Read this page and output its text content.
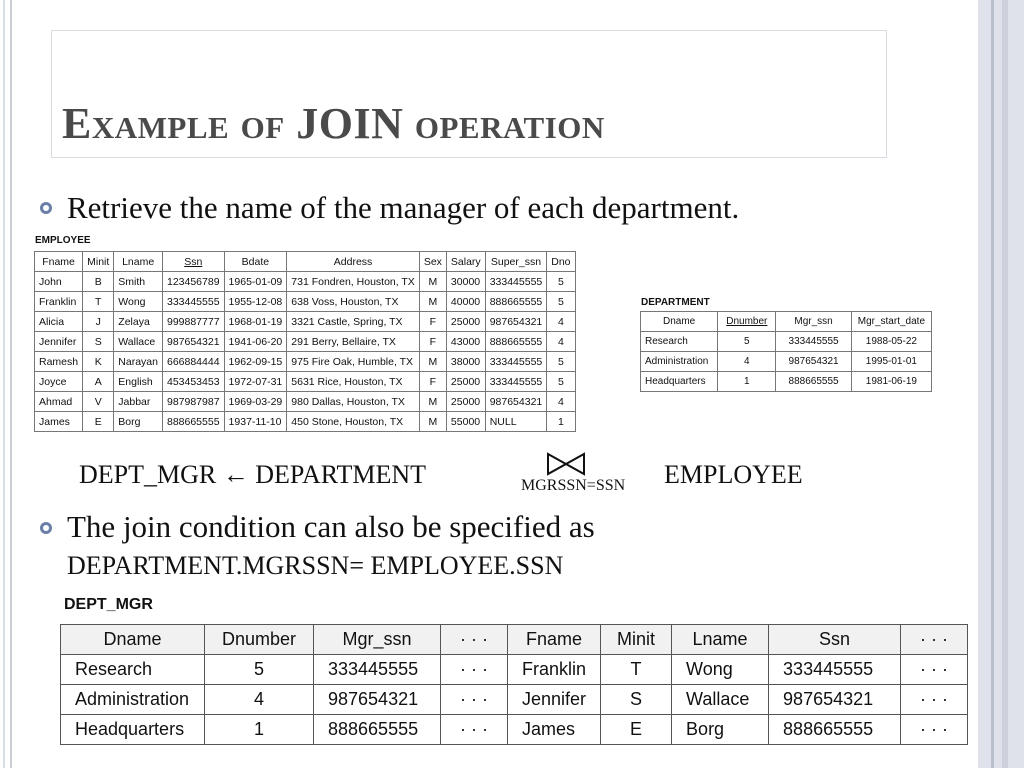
Example of JOIN operation
Retrieve the name of the manager of each department.
EMPLOYEE
Fname	Minit	Lname	Ssn	Bdate	Address	Sex	Salary	Super_ssn	Dno
John	B	Smith	123456789	1965-01-09	731 Fondren, Houston, TX	M	30000	333445555	5
Franklin	T	Wong	333445555	1955-12-08	638 Voss, Houston, TX	M	40000	888665555	5
Alicia	J	Zelaya	999887777	1968-01-19	3321 Castle, Spring, TX	F	25000	987654321	4
Jennifer	S	Wallace	987654321	1941-06-20	291 Berry, Bellaire, TX	F	43000	888665555	4
Ramesh	K	Narayan	666884444	1962-09-15	975 Fire Oak, Humble, TX	M	38000	333445555	5
Joyce	A	English	453453453	1972-07-31	5631 Rice, Houston, TX	F	25000	333445555	5
Ahmad	V	Jabbar	987987987	1969-03-29	980 Dallas, Houston, TX	M	25000	987654321	4
James	E	Borg	888665555	1937-11-10	450 Stone, Houston, TX	M	55000	NULL	1
DEPARTMENT
Dname	Dnumber	Mgr_ssn	Mgr_start_date
Research	5	333445555	1988-05-22
Administration	4	987654321	1995-01-01
Headquarters	1	888665555	1981-06-19
DEPT_MGR ← DEPARTMENT	MGRSSN=SSN EMPLOYEE
The join condition can also be specified as
DEPARTMENT.MGRSSN= EMPLOYEE.SSN
DEPT_MGR
Dname	Dnumber	Mgr_ssn	· · ·	Fname	Minit	Lname	Ssn	· · ·
Research	5	333445555	· · ·	Franklin	T	Wong	333445555	· · ·
Administration	4	987654321	· · ·	Jennifer	S	Wallace	987654321	· · ·
Headquarters	1	888665555	· · ·	James	E	Borg	888665555	· · ·
